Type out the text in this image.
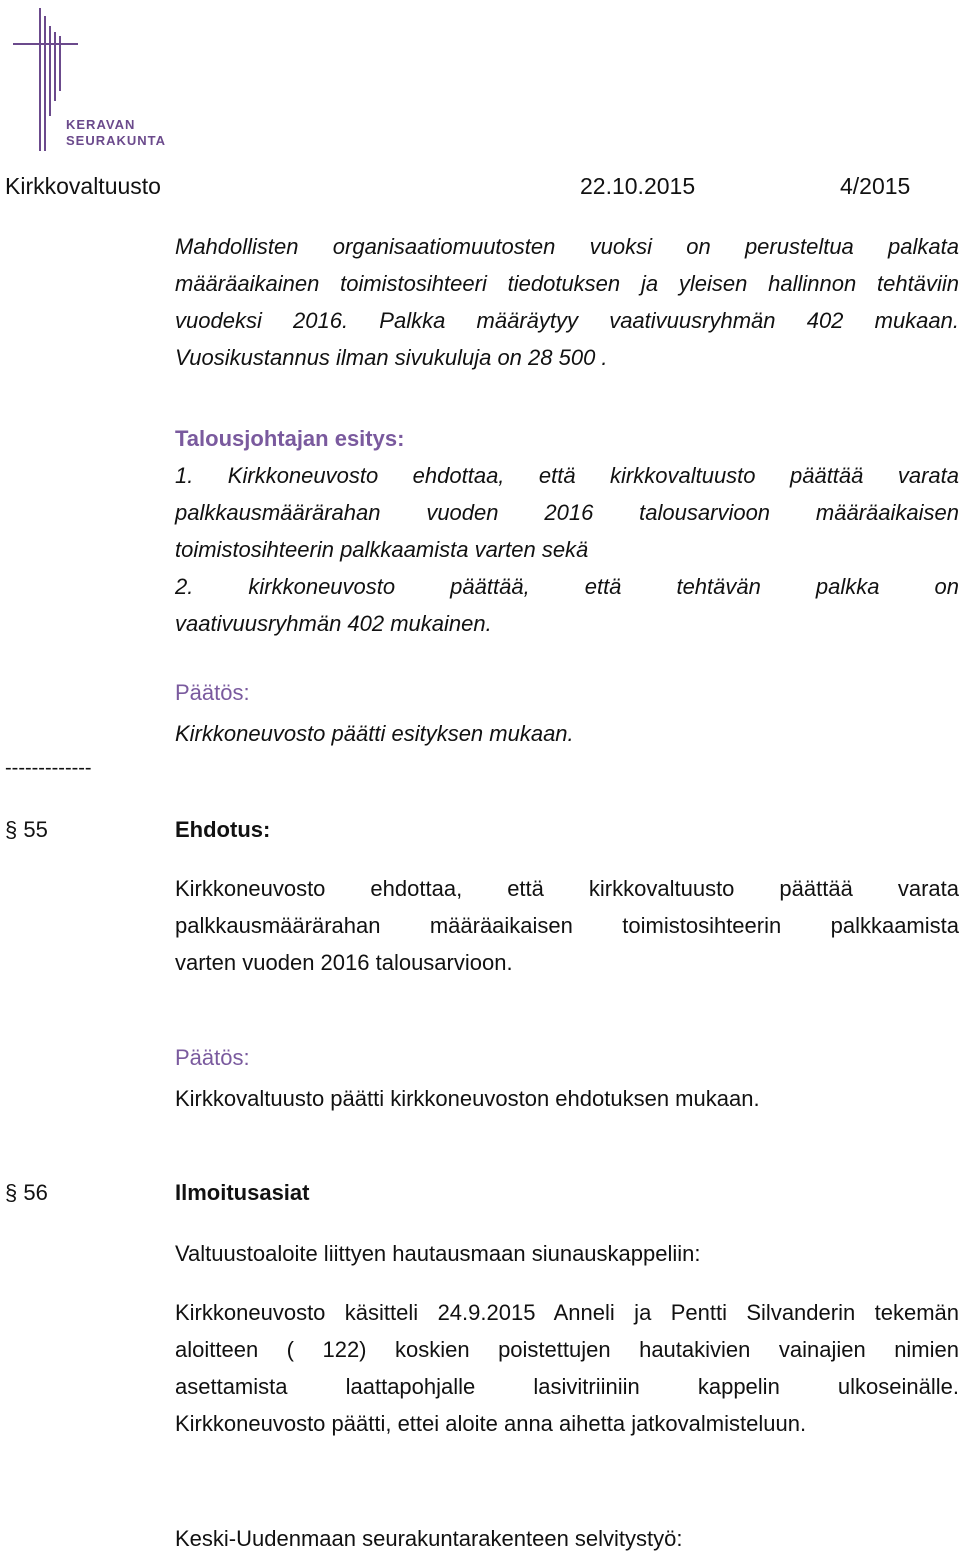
KERAVAN
SEURAKUNTA
Kirkkovaltuusto	22.10.2015	4/2015
Mahdollisten organisaatiomuutosten vuoksi on perusteltua palkata
määräaikainen toimistosihteeri tiedotuksen ja yleisen hallinnon tehtäviin
vuodeksi 2016. Palkka määräytyy vaativuusryhmän 402 mukaan.
Vuosikustannus ilman sivukuluja on 28 500 .
Talousjohtajan esitys:
1. Kirkkoneuvosto ehdottaa, että kirkkovaltuusto päättää varata
palkkausmäärärahan vuoden 2016 talousarvioon määräaikaisen
toimistosihteerin palkkaamista varten sekä
2. kirkkoneuvosto päättää, että tehtävän palkka on
vaativuusryhmän 402 mukainen.
Päätös:
Kirkkoneuvosto päätti esityksen mukaan.
-------------
§ 55	Ehdotus:
Kirkkoneuvosto ehdottaa, että kirkkovaltuusto päättää varata
palkkausmäärärahan määräaikaisen toimistosihteerin palkkaamista
varten vuoden 2016 talousarvioon.
Päätös:
Kirkkovaltuusto päätti kirkkoneuvoston ehdotuksen mukaan.
§ 56	Ilmoitusasiat
Valtuustoaloite liittyen hautausmaan siunauskappeliin:
Kirkkoneuvosto käsitteli 24.9.2015 Anneli ja Pentti Silvanderin tekemän
aloitteen ( 122) koskien poistettujen hautakivien vainajien nimien
asettamista laattapohjalle lasivitriiniin kappelin ulkoseinälle.
Kirkkoneuvosto päätti, ettei aloite anna aihetta jatkovalmisteluun.
Keski-Uudenmaan seurakuntarakenteen selvitystyö:
